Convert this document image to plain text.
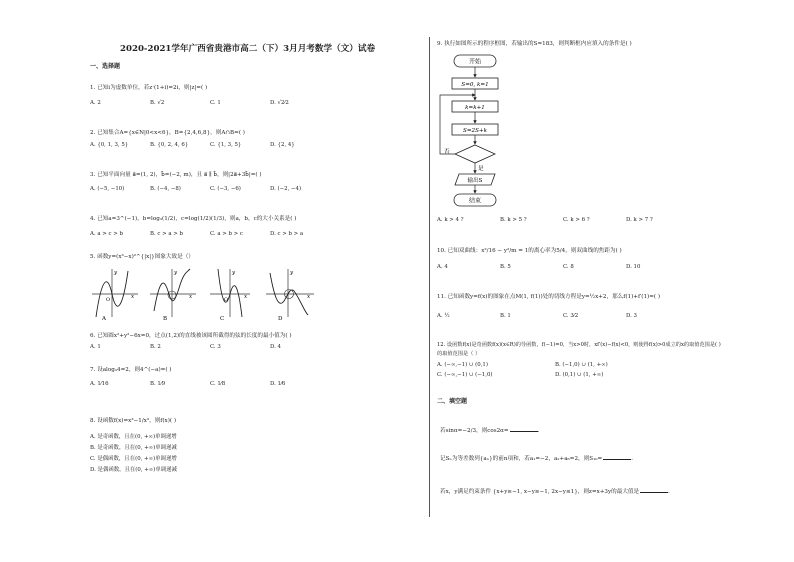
2020-2021学年广西省贵港市高二（下）3月月考数学（文）试卷
一、选择题
1. 已知i为虚数单位，若z·(1+i)=2i，则|z|=( )
A. 2	B. √2	C. 1	D. √2⁄2
2. 已知集合A={x∈N|0<x<6}，B={2,4,6,8}，则A∩B=( )
A. {0, 1, 3, 5}	B. {0, 2, 4, 6}	C. {1, 3, 5}	D. {2, 4}
3. 已知平面向量 a⃗=(1, 2)，b⃗=(−2, m)，且 a⃗ ∥ b⃗，则|2a⃗+3b⃗|=( )
A. (−5, −10)	B. (−4, −8)	C. (−3, −6)	D. (−2, −4)
4. 已知a=3^(−1)，b=log₃(1/2)，c=log(1/2)(1/3)，则a，b，c的大小关系是( )
A. a > c > b	B. c > a > b	C. a > b > c	D. c > b > a
5. 函数y=(x³−x)²^{|x|}图象大致是（）
x
y
O
A
x
y
B
x
y
O
C
x
y
D
6. 已知圆x²+y²−6x=0，过点(1,2)的直线被该圆所截得的弦的长度的最小值为( )
A. 1	B. 2	C. 3	D. 4
7. 设alog₃4=2，则4^(−a)=( )
A. 1⁄16	B. 1⁄9	C. 1⁄8	D. 1⁄6
8. 设函数f(x)=x³−1/x³，则f(x)( )
A. 是奇函数，且在(0, +∞)单调递增
B. 是奇函数，且在(0, +∞)单调递减
C. 是偶函数，且在(0, +∞)单调递增
D. 是偶函数，且在(0, +∞)单调递减
9. 执行如图所示的程序框图，若输出的S=183，则判断框内应填入的条件是( )
开始
S=0, k=1
k=k+1
S=2S+k
否
是
输出S
结束
A. k > 4 ?	B. k > 5 ?	C. k > 6 ?	D. k > 7 ?
10. 已知双曲线：x²/16 − y²/m = 1的离心率为5/4，则双曲线的焦距为( )
A. 4	B. 5	C. 8	D. 10
11. 已知函数y=f(x)的图象在点M(1, f(1))处的切线方程是y=½x+2，那么f(1)+f′(1)=( )
A. ½	B. 1	C. 3⁄2	D. 3
12. 设函数f(x)是奇函数f(x)(x∈R)的导函数，f(−1)=0，当x>0时，xf′(x)−f(x)<0，则使得f(x)>0成立的x的取值范围是( )
的取值范围是（ ）
A. (−∞,−1) ∪ (0,1)	B. (−1,0) ∪ (1, +∞)
C. (−∞,−1) ∪ (−1,0)	D. (0,1) ∪ (1, +∞)
二、填空题
若sinα=−2/3，则cos2α=	.
记Sₙ为等差数列{aₙ}的前n项和，若a₁=−2，a₂+a₆=2，则S₁₀=	.
若x，y满足约束条件 {x+y≥−1, x−y≥−1, 2x−y≤1}，则z=x+3y的最大值是	.
